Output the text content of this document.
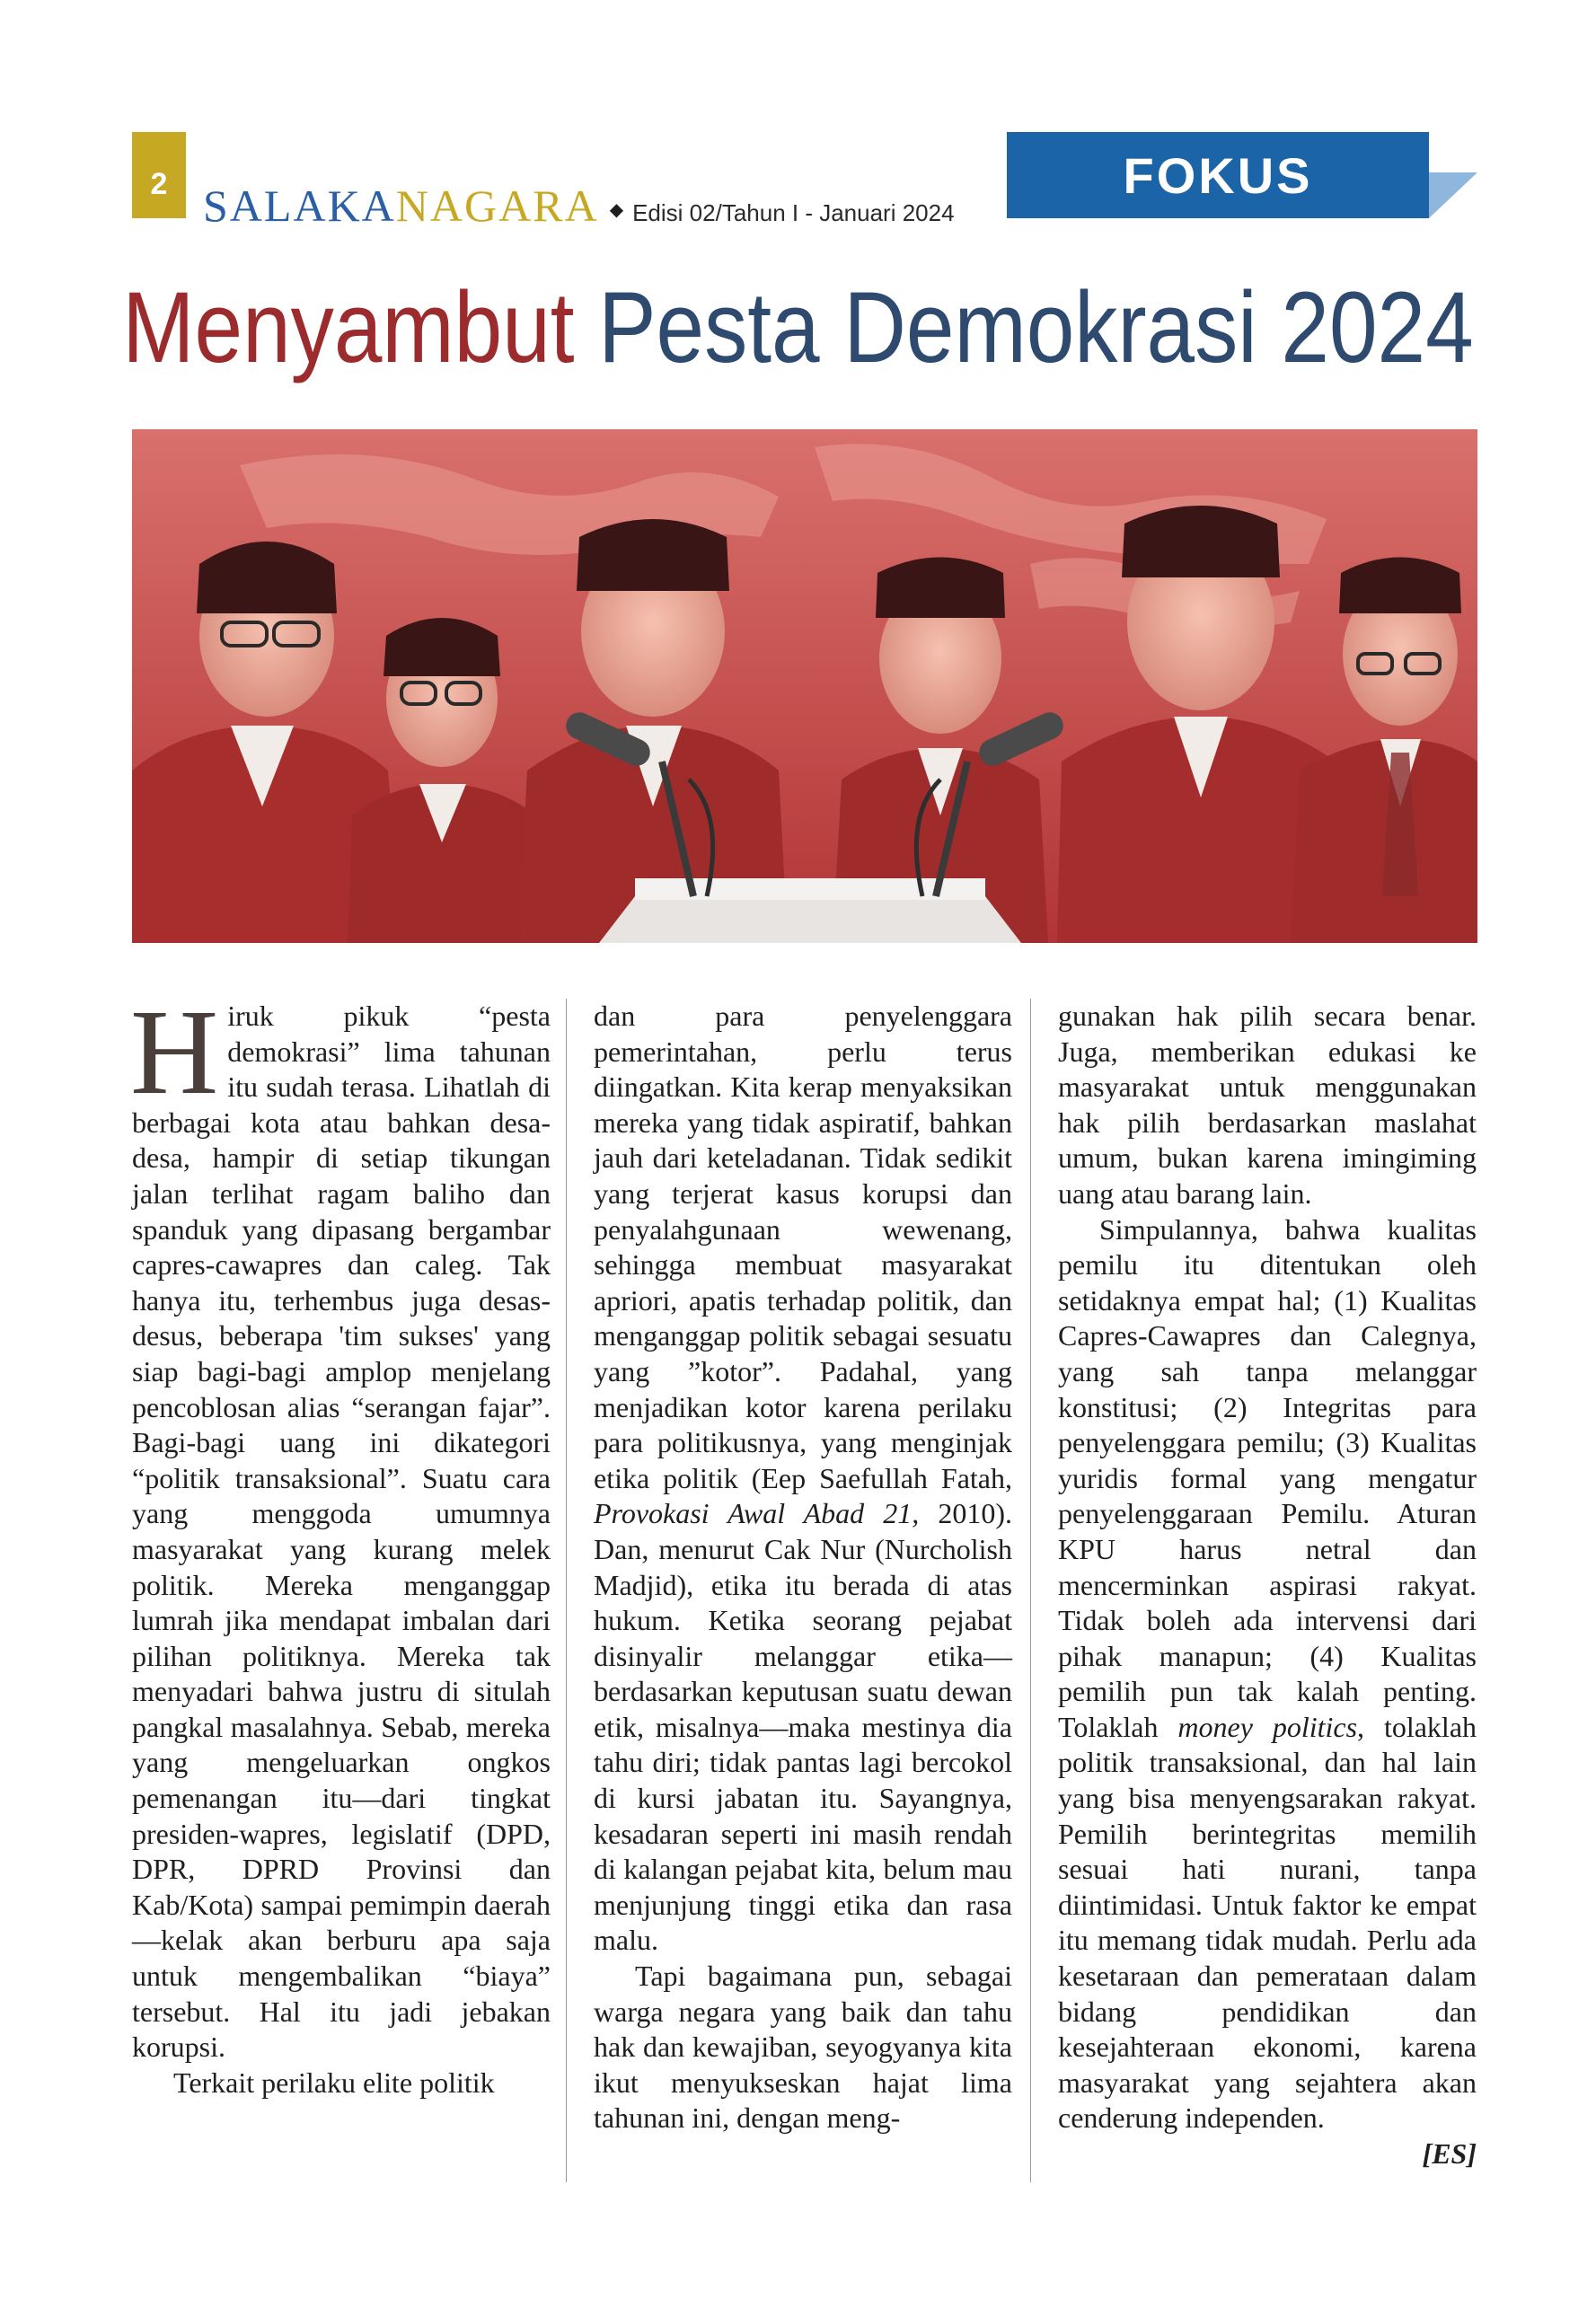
2 SALAKANAGARA ◆ Edisi 02/Tahun I - Januari 2024
FOKUS
Menyambut Pesta Demokrasi 2024

Hiruk pikuk “pesta demokrasi” lima tahunan itu sudah terasa. Lihatlah di berbagai kota atau bahkan desa-desa, hampir di setiap tikungan jalan terlihat ragam baliho dan spanduk yang dipasang bergambar capres-cawapres dan caleg. Tak hanya itu, terhembus juga desas-desus, beberapa 'tim sukses' yang siap bagi-bagi amplop menjelang pencoblosan alias “serangan fajar”. Bagi-bagi uang ini dikategori “politik transaksional”. Suatu cara yang menggoda umumnya masyarakat yang kurang melek politik. Mereka menganggap lumrah jika mendapat imbalan dari pilihan politiknya. Mereka tak menyadari bahwa justru di situlah pangkal masalahnya. Sebab, mereka yang mengeluarkan ongkos pemenangan itu—dari tingkat presiden-wapres, legislatif (DPD, DPR, DPRD Provinsi dan Kab/Kota) sampai pemimpin daerah—kelak akan berburu apa saja untuk mengembalikan “biaya” tersebut. Hal itu jadi jebakan korupsi.

Terkait perilaku elite politik

dan para penyelenggara pemerintahan, perlu terus diingatkan. Kita kerap menyaksikan mereka yang tidak aspiratif, bahkan jauh dari keteladanan. Tidak sedikit yang terjerat kasus korupsi dan penyalahgunaan wewenang, sehingga membuat masyarakat apriori, apatis terhadap politik, dan menganggap politik sebagai sesuatu yang ”kotor”. Padahal, yang menjadikan kotor karena perilaku para politikusnya, yang menginjak etika politik (Eep Saefullah Fatah, Provokasi Awal Abad 21, 2010). Dan, menurut Cak Nur (Nurcholish Madjid), etika itu berada di atas hukum. Ketika seorang pejabat disinyalir melanggar etika—berdasarkan keputusan suatu dewan etik, misalnya—maka mestinya dia tahu diri; tidak pantas lagi bercokol di kursi jabatan itu. Sayangnya, kesadaran seperti ini masih rendah di kalangan pejabat kita, belum mau menjunjung tinggi etika dan rasa malu.

Tapi bagaimana pun, sebagai warga negara yang baik dan tahu hak dan kewajiban, seyogyanya kita ikut menyukseskan hajat lima tahunan ini, dengan meng-

gunakan hak pilih secara benar. Juga, memberikan edukasi ke masyarakat untuk menggunakan hak pilih berdasarkan maslahat umum, bukan karena imingiming uang atau barang lain.

Simpulannya, bahwa kualitas pemilu itu ditentukan oleh setidaknya empat hal; (1) Kualitas Capres-Cawapres dan Calegnya, yang sah tanpa melanggar konstitusi; (2) Integritas para penyelenggara pemilu; (3) Kualitas yuridis formal yang mengatur penyelenggaraan Pemilu. Aturan KPU harus netral dan mencerminkan aspirasi rakyat. Tidak boleh ada intervensi dari pihak manapun; (4) Kualitas pemilih pun tak kalah penting. Tolaklah money politics, tolaklah politik transaksional, dan hal lain yang bisa menyengsarakan rakyat. Pemilih berintegritas memilih sesuai hati nurani, tanpa diintimidasi. Untuk faktor ke empat itu memang tidak mudah. Perlu ada kesetaraan dan pemerataan dalam bidang pendidikan dan kesejahteraan ekonomi, karena masyarakat yang sejahtera akan cenderung independen.

[ES]
